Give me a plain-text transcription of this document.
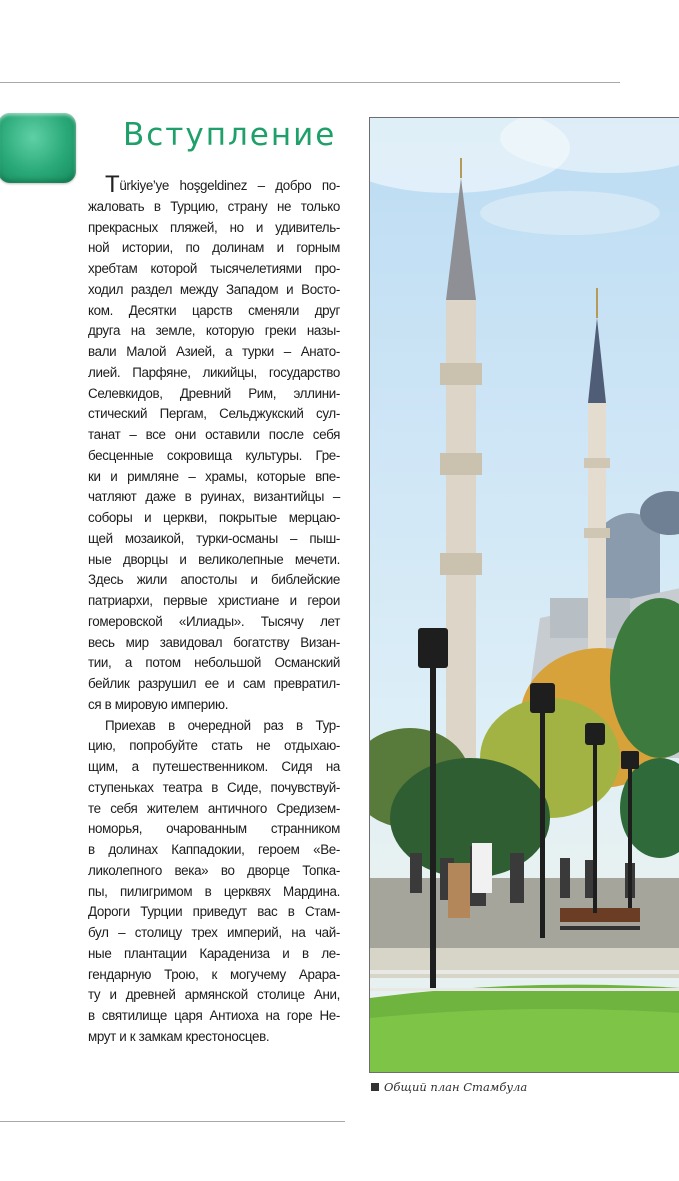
Вступление

Türkiye’ye hoşgeldinez – добро по-
жаловать в Турцию, страну не только
прекрасных пляжей, но и удивитель-
ной истории, по долинам и горным
хребтам которой тысячелетиями про-
ходил раздел между Западом и Восто-
ком. Десятки царств сменяли друг
друга на земле, которую греки назы-
вали Малой Азией, а турки – Анато-
лией. Парфяне, ликийцы, государство
Селевкидов, Древний Рим, эллини-
стический Пергам, Сельджукский сул-
танат – все они оставили после себя
бесценные сокровища культуры. Гре-
ки и римляне – храмы, которые впе-
чатляют даже в руинах, византийцы –
соборы и церкви, покрытые мерцаю-
щей мозаикой, турки-османы – пыш-
ные дворцы и великолепные мечети.
Здесь жили апостолы и библейские
патриархи, первые христиане и герои
гомеровской «Илиады». Тысячу лет
весь мир завидовал богатству Визан-
тии, а потом небольшой Османский
бейлик разрушил ее и сам превратил-
ся в мировую империю.

Приехав в очередной раз в Тур-
цию, попробуйте стать не отдыхаю-
щим, а путешественником. Сидя на
ступеньках театра в Сиде, почувствуй-
те себя жителем античного Средизем-
номорья, очарованным странником
в долинах Каппадокии, героем «Ве-
ликолепного века» во дворце Топка-
пы, пилигримом в церквях Мардина.
Дороги Турции приведут вас в Стам-
бул – столицу трех империй, на чай-
ные плантации Карадениза и в ле-
гендарную Трою, к могучему Арара-
ту и древней армянской столице Ани,
в святилище царя Антиоха на горе Не-
мрут и к замкам крестоносцев.

Общий план Стамбула
